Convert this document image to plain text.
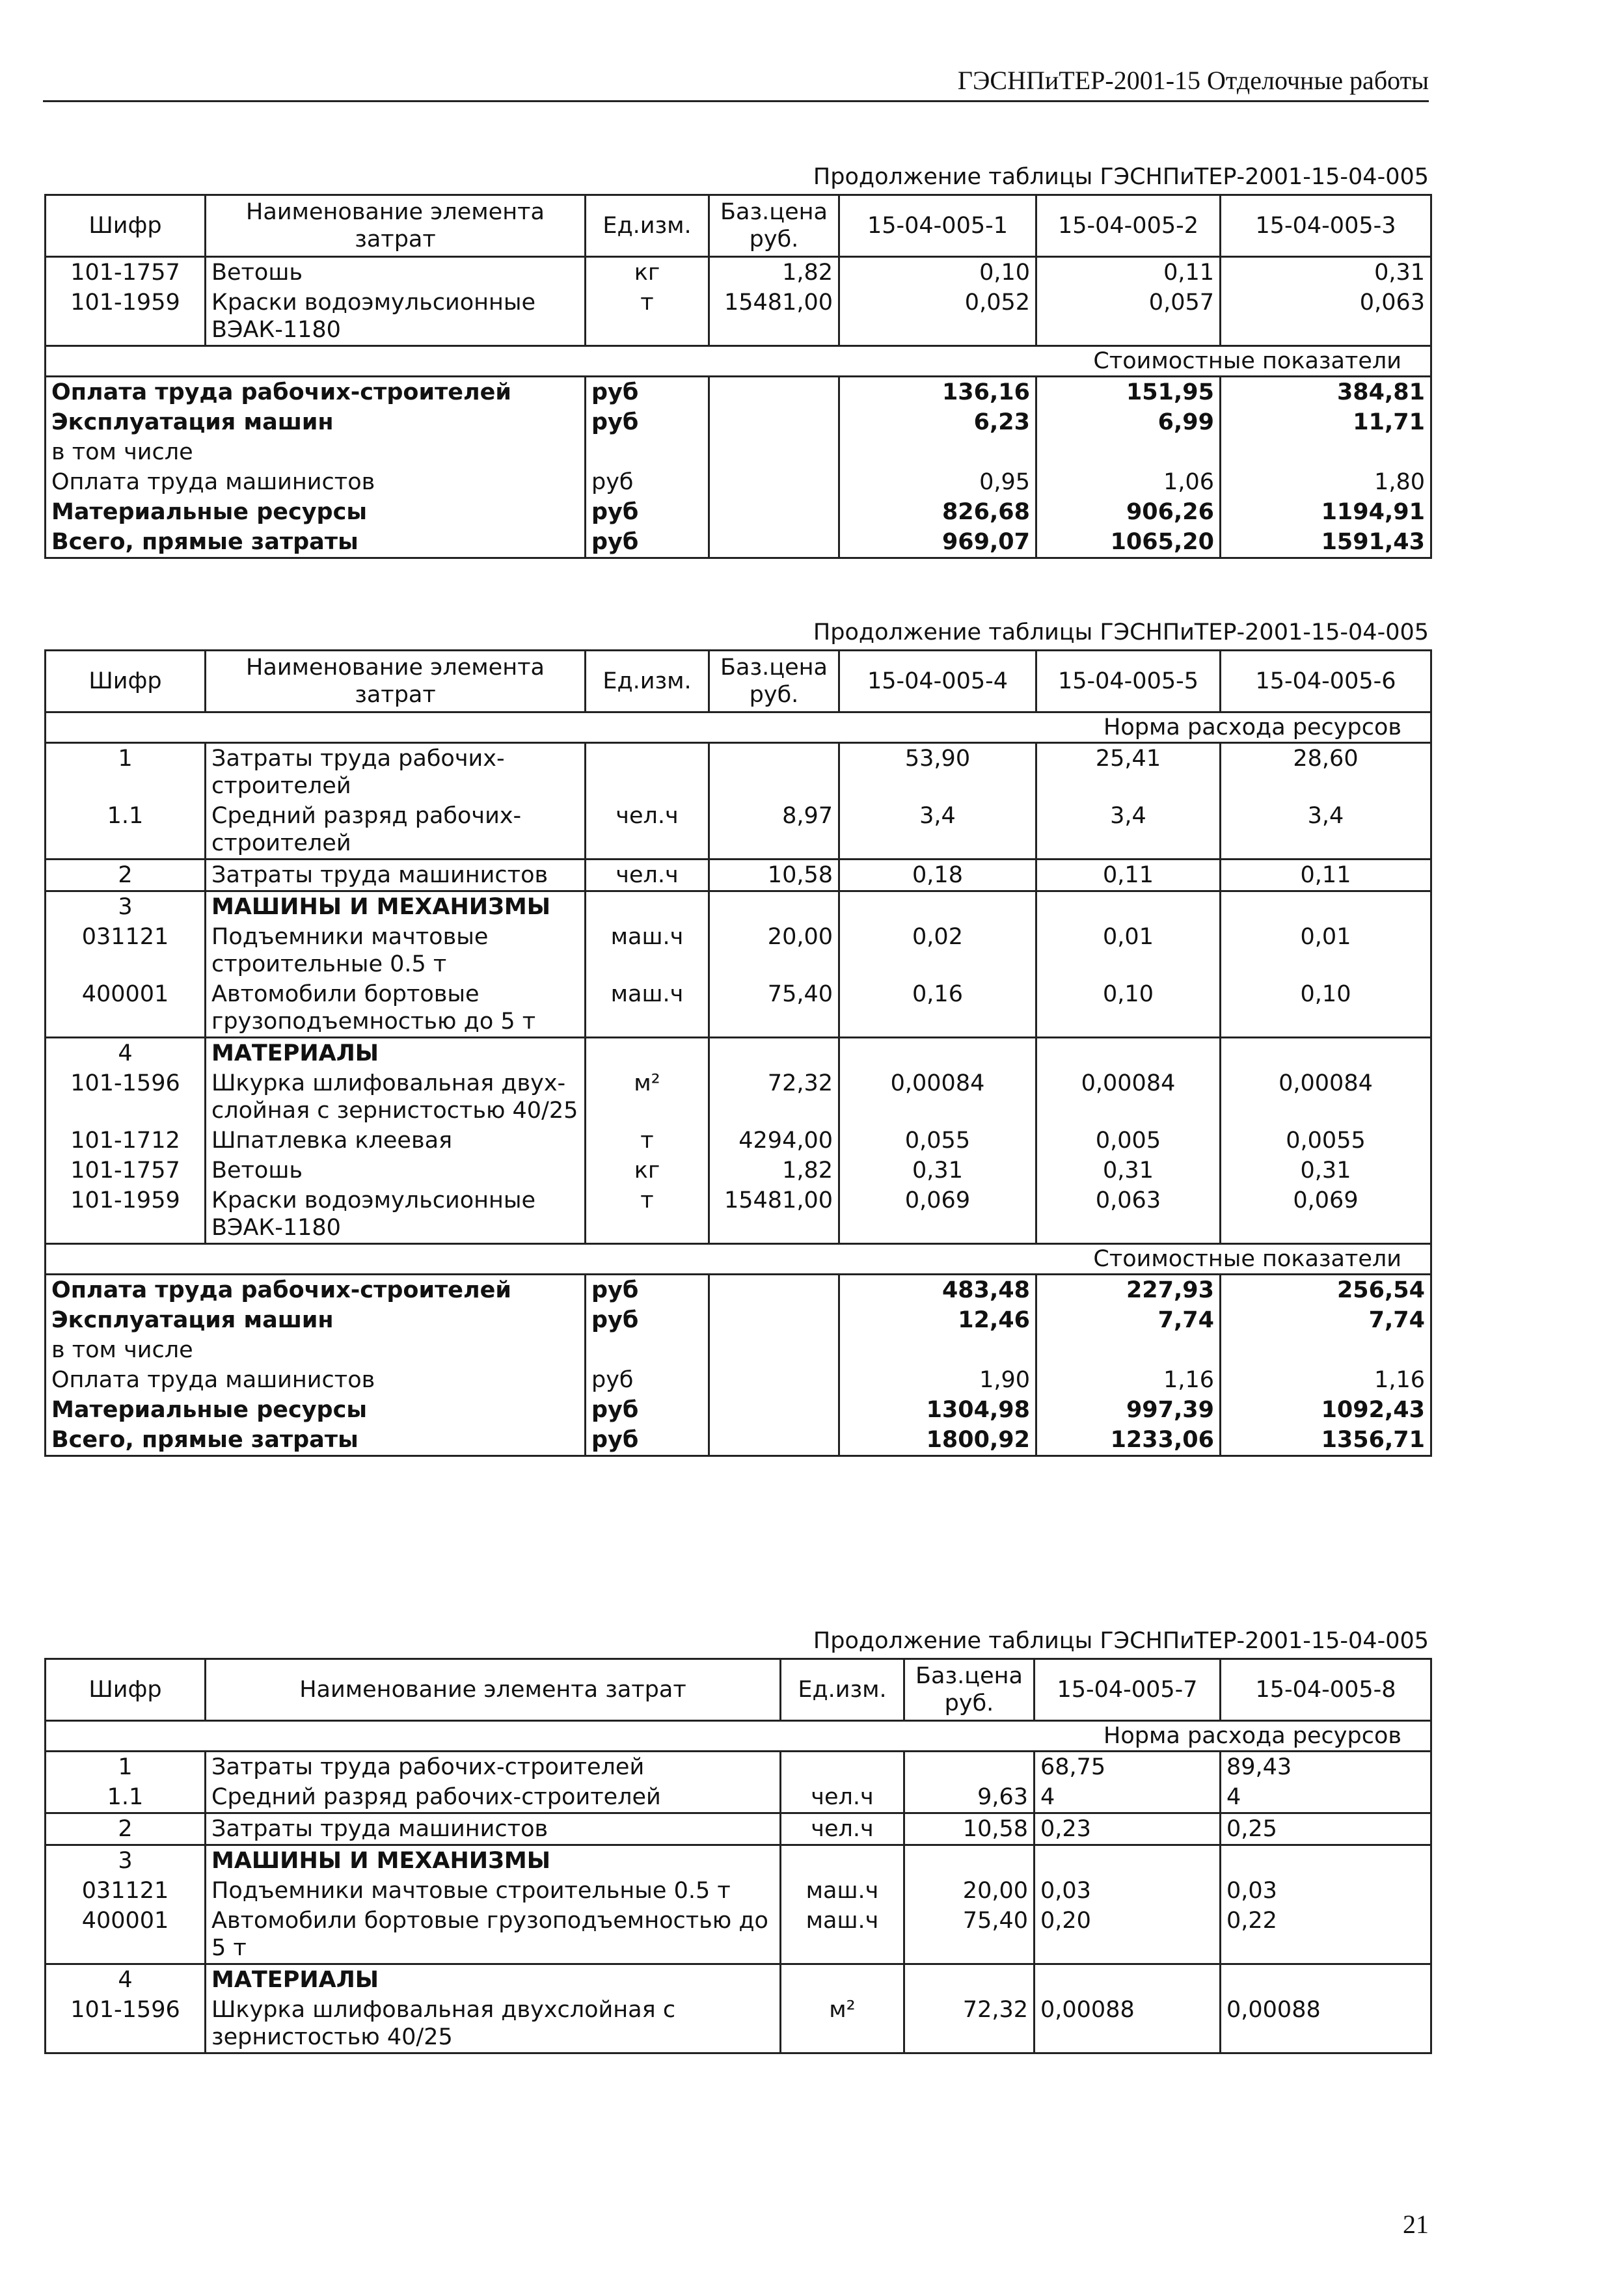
ГЭСНПиТЕР-2001-15 Отделочные работы
Продолжение таблицы ГЭСНПиТЕР-2001-15-04-005
Шифр	Наименование элемента затрат	Ед.изм.	Баз.цена руб.	15-04-005-1	15-04-005-2	15-04-005-3
101-1757	Ветошь	кг	1,82	0,10	0,11	0,31
101-1959	Краски водоэмульсионные ВЭАК-1180	т	15481,00	0,052	0,057	0,063
Стоимостные показатели						
Оплата труда рабочих-строителей		руб		136,16	151,95	384,81
Эксплуатация машин		руб		6,23	6,99	11,71
в том числе						
Оплата труда машинистов		руб		0,95	1,06	1,80
Материальные ресурсы		руб		826,68	906,26	1194,91
Всего, прямые затраты		руб		969,07	1065,20	1591,43
Продолжение таблицы ГЭСНПиТЕР-2001-15-04-005
Шифр	Наименование элемента затрат	Ед.изм.	Баз.цена руб.	15-04-005-4	15-04-005-5	15-04-005-6
Норма расхода ресурсов						
1	Затраты труда рабочих-строителей			53,90	25,41	28,60
1.1	Средний разряд рабочих-строителей	чел.ч	8,97	3,4	3,4	3,4
2	Затраты труда машинистов	чел.ч	10,58	0,18	0,11	0,11
3	МАШИНЫ И МЕХАНИЗМЫ					
031121	Подъемники мачтовые строительные 0.5 т	маш.ч	20,00	0,02	0,01	0,01
400001	Автомобили бортовые грузоподъемностью до 5 т	маш.ч	75,40	0,16	0,10	0,10
4	МАТЕРИАЛЫ					
101-1596	Шкурка шлифовальная двух-слойная с зернистостью 40/25	м²	72,32	0,00084	0,00084	0,00084
101-1712	Шпатлевка клеевая	т	4294,00	0,055	0,005	0,0055
101-1757	Ветошь	кг	1,82	0,31	0,31	0,31
101-1959	Краски водоэмульсионные ВЭАК-1180	т	15481,00	0,069	0,063	0,069
Стоимостные показатели						
Оплата труда рабочих-строителей		руб		483,48	227,93	256,54
Эксплуатация машин		руб		12,46	7,74	7,74
в том числе						
Оплата труда машинистов		руб		1,90	1,16	1,16
Материальные ресурсы		руб		1304,98	997,39	1092,43
Всего, прямые затраты		руб		1800,92	1233,06	1356,71
Продолжение таблицы ГЭСНПиТЕР-2001-15-04-005
Шифр	Наименование элемента затрат	Ед.изм.	Баз.цена руб.	15-04-005-7	15-04-005-8
Норма расхода ресурсов					
1	Затраты труда рабочих-строителей			68,75	89,43
1.1	Средний разряд рабочих-строителей	чел.ч	9,63	4	4
2	Затраты труда машинистов	чел.ч	10,58	0,23	0,25
3	МАШИНЫ И МЕХАНИЗМЫ				
031121	Подъемники мачтовые строительные 0.5 т	маш.ч	20,00	0,03	0,03
400001	Автомобили бортовые грузоподъемностью до 5 т	маш.ч	75,40	0,20	0,22
4	МАТЕРИАЛЫ				
101-1596	Шкурка шлифовальная двухслойная с зернистостью 40/25	м²	72,32	0,00088	0,00088
21
